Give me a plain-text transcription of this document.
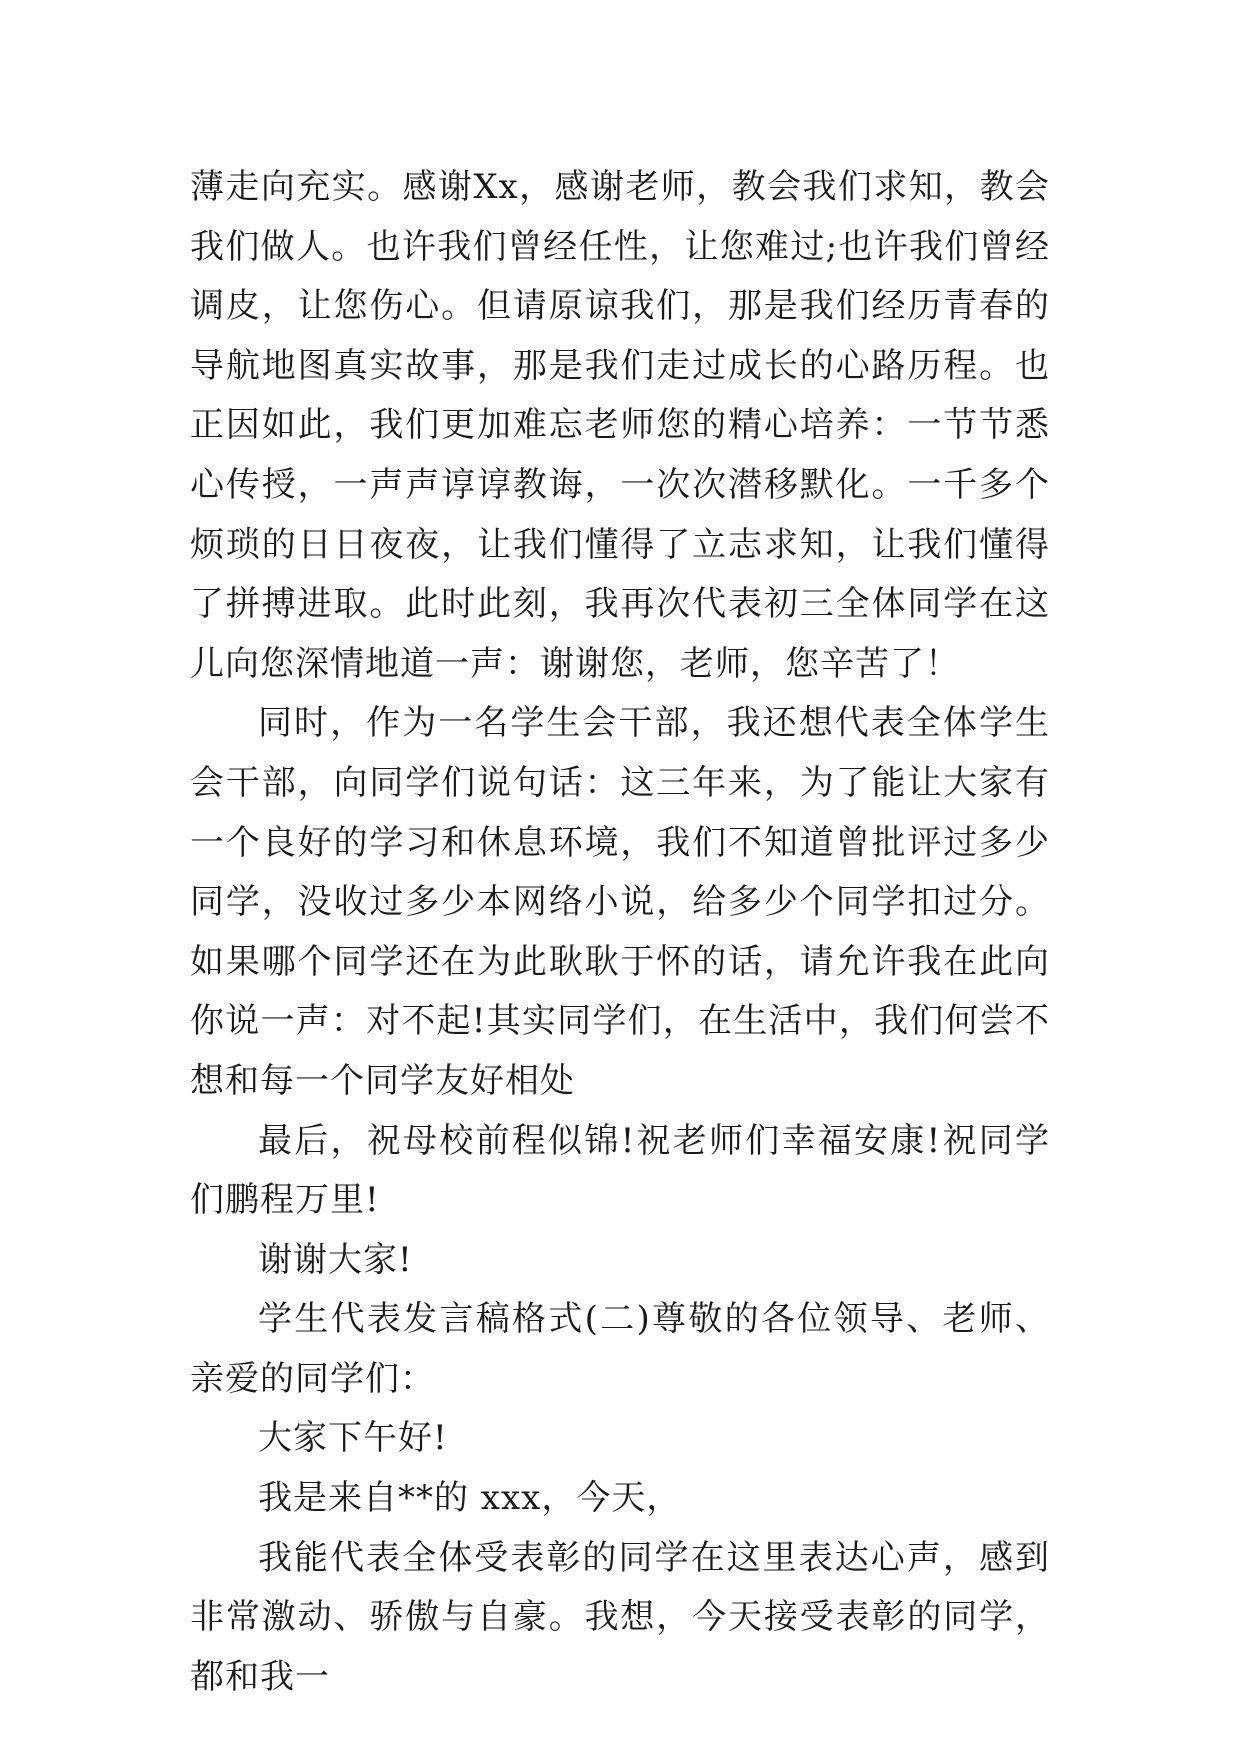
薄走向充实。感谢Xx，感谢老师，教会我们求知，教会我们做人。也许我们曾经任性，让您难过;也许我们曾经调皮，让您伤心。但请原谅我们，那是我们经历青春的导航地图真实故事，那是我们走过成长的心路历程。也正因如此，我们更加难忘老师您的精心培养：一节节悉心传授，一声声谆谆教诲，一次次潜移默化。一千多个烦琐的日日夜夜，让我们懂得了立志求知，让我们懂得了拼搏进取。此时此刻，我再次代表初三全体同学在这儿向您深情地道一声：谢谢您，老师，您辛苦了！

同时，作为一名学生会干部，我还想代表全体学生会干部，向同学们说句话：这三年来，为了能让大家有一个良好的学习和休息环境，我们不知道曾批评过多少同学，没收过多少本网络小说，给多少个同学扣过分。如果哪个同学还在为此耿耿于怀的话，请允许我在此向你说一声：对不起!其实同学们，在生活中，我们何尝不想和每一个同学友好相处

最后，祝母校前程似锦!祝老师们幸福安康!祝同学们鹏程万里!

谢谢大家!

学生代表发言稿格式(二)尊敬的各位领导、老师、亲爱的同学们：

大家下午好!

我是来自**的 xxx，今天，

我能代表全体受表彰的同学在这里表达心声，感到非常激动、骄傲与自豪。我想，今天接受表彰的同学，都和我一
